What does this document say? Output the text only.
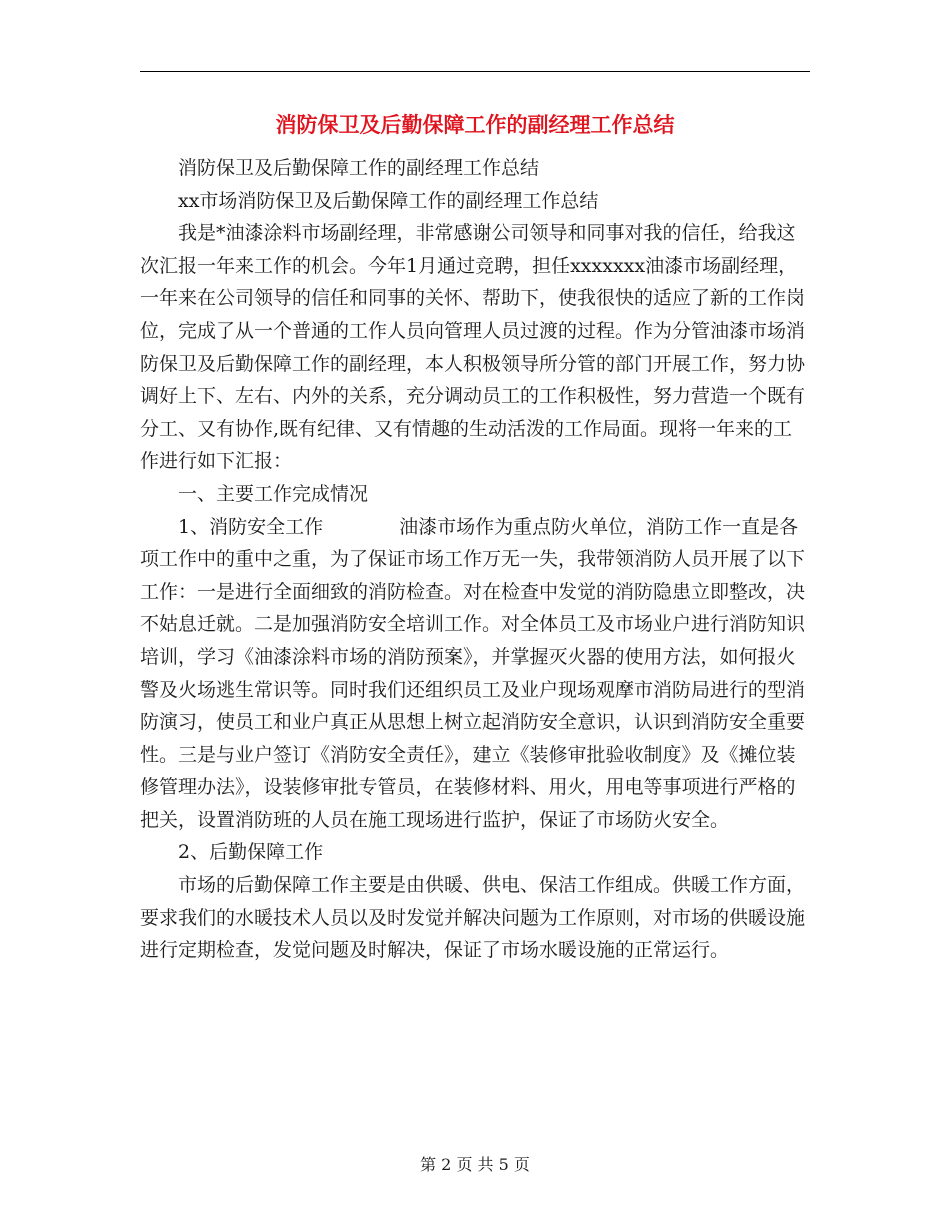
消防保卫及后勤保障工作的副经理工作总结

消防保卫及后勤保障工作的副经理工作总结

xx市场消防保卫及后勤保障工作的副经理工作总结

我是*油漆涂料市场副经理，非常感谢公司领导和同事对我的信任，给我这次汇报一年来工作的机会。今年1月通过竞聘，担任xxxxxxx油漆市场副经理，一年来在公司领导的信任和同事的关怀、帮助下，使我很快的适应了新的工作岗位，完成了从一个普通的工作人员向管理人员过渡的过程。作为分管油漆市场消防保卫及后勤保障工作的副经理，本人积极领导所分管的部门开展工作，努力协调好上下、左右、内外的关系，充分调动员工的工作积极性，努力营造一个既有分工、又有协作,既有纪律、又有情趣的生动活泼的工作局面。现将一年来的工作进行如下汇报：

一、主要工作完成情况

1、消防安全工作　　　　油漆市场作为重点防火单位，消防工作一直是各项工作中的重中之重，为了保证市场工作万无一失，我带领消防人员开展了以下工作：一是进行全面细致的消防检查。对在检查中发觉的消防隐患立即整改，决不姑息迁就。二是加强消防安全培训工作。对全体员工及市场业户进行消防知识培训，学习《油漆涂料市场的消防预案》，并掌握灭火器的使用方法，如何报火警及火场逃生常识等。同时我们还组织员工及业户现场观摩市消防局进行的型消防演习，使员工和业户真正从思想上树立起消防安全意识，认识到消防安全重要性。三是与业户签订《消防安全责任》，建立《装修审批验收制度》及《摊位装修管理办法》，设装修审批专管员，在装修材料、用火，用电等事项进行严格的把关，设置消防班的人员在施工现场进行监护，保证了市场防火安全。

2、后勤保障工作

市场的后勤保障工作主要是由供暖、供电、保洁工作组成。供暖工作方面，要求我们的水暖技术人员以及时发觉并解决问题为工作原则，对市场的供暖设施进行定期检查，发觉问题及时解决，保证了市场水暖设施的正常运行。

第 2 页 共 5 页
